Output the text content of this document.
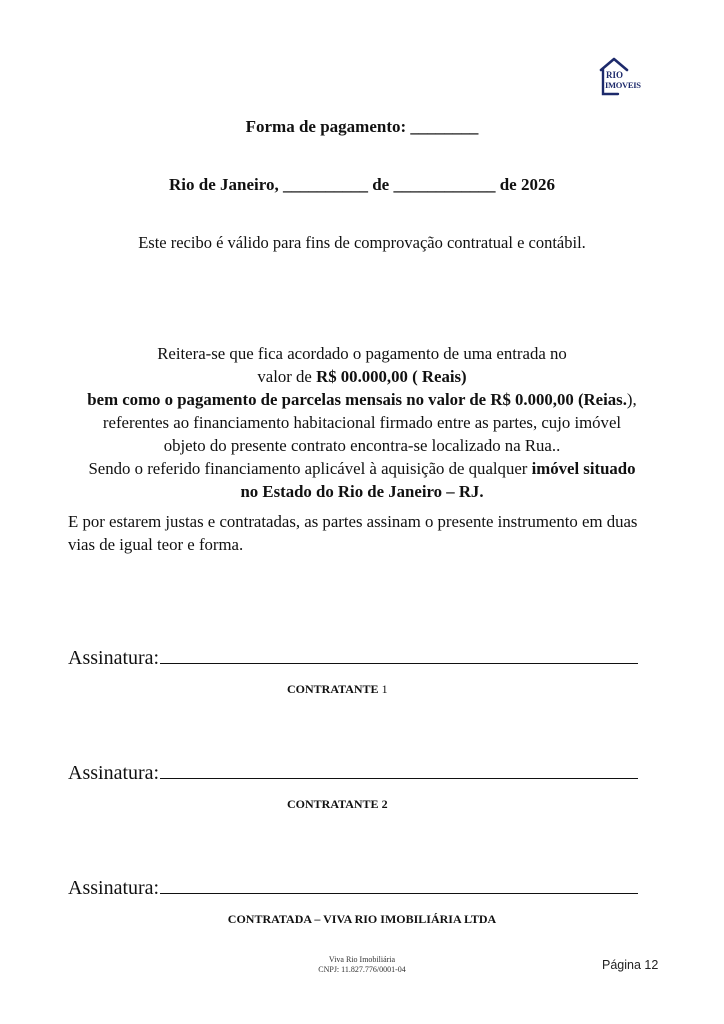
RIO
IMOVEIS
Forma de pagamento: ________
Rio de Janeiro, __________ de ____________ de 2026
Este recibo é válido para fins de comprovação contratual e contábil.
Reitera-se que fica acordado o pagamento de uma entrada no
valor de R$ 00.000,00 ( Reais)
bem como o pagamento de parcelas mensais no valor de R$ 0.000,00 (Reias.),
referentes ao financiamento habitacional firmado entre as partes, cujo imóvel
objeto do presente contrato encontra-se localizado na Rua..
Sendo o referido financiamento aplicável à aquisição de qualquer imóvel situado
no Estado do Rio de Janeiro – RJ.
E por estarem justas e contratadas, as partes assinam o presente instrumento em duas vias de igual teor e forma.
Assinatura:
CONTRATANTE 1
Assinatura:
CONTRATANTE 2
Assinatura:
CONTRATADA – VIVA RIO IMOBILIÁRIA LTDA
Viva Rio Imobiliária
CNPJ: 11.827.776/0001-04	Página 12
